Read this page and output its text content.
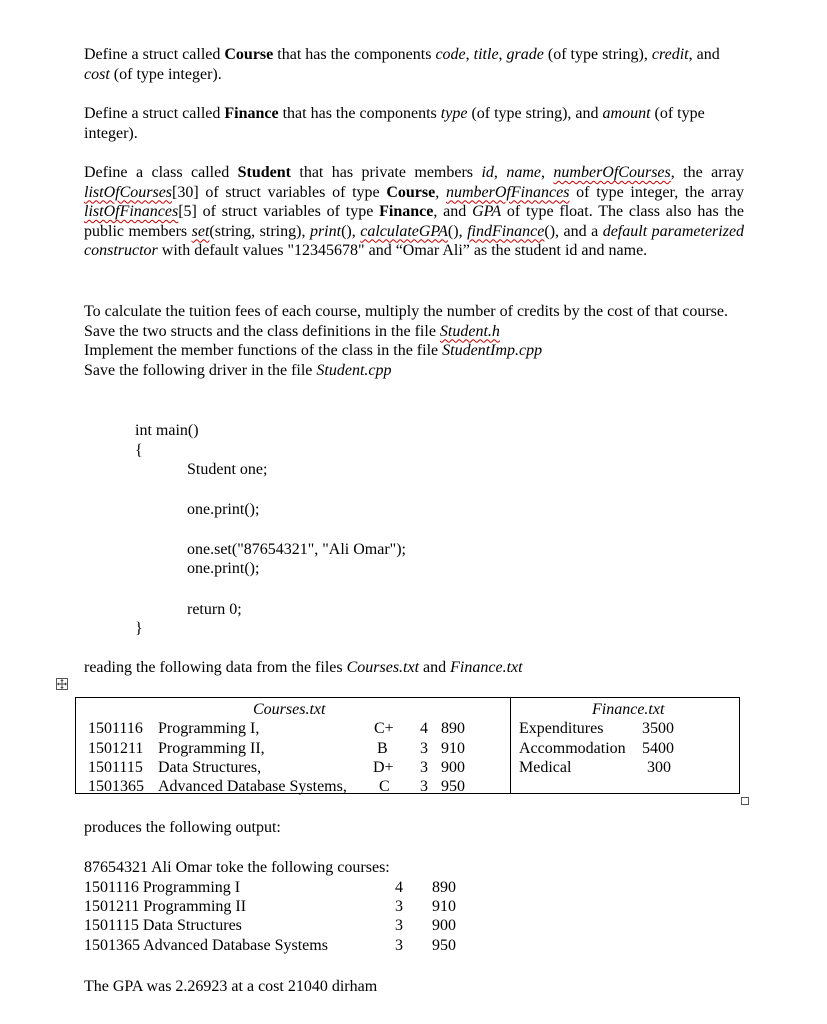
Define a struct called Course that has the components code, title, grade (of type string), credit, and cost (of type integer).
Define a struct called Finance that has the components type (of type string), and amount (of type integer).
Define a class called Student that has private members id, name, numberOfCourses, the array listOfCourses[30] of struct variables of type Course, numberOfFinances of type integer, the array listOfFinances[5] of struct variables of type Finance, and GPA of type float. The class also has the public members set(string, string), print(), calculateGPA(), findFinance(), and a default parameterized constructor with default values "12345678" and “Omar Ali” as the student id and name.
To calculate the tuition fees of each course, multiply the number of credits by the cost of that course.
Save the two structs and the class definitions in the file Student.h
Implement the member functions of the class in the file StudentImp.cpp
Save the following driver in the file Student.cpp
int main()
{
Student one;
one.print();
one.set("87654321", "Ali Omar");
one.print();
return 0;
}
reading the following data from the files Courses.txt and Finance.txt
Courses.txt
1501116 Programming I,	C+ 4 890
1501211 Programming II,	B 3 910
1501115 Data Structures,	D+ 3 900
1501365 Advanced Database Systems, C 3 950
Finance.txt
Expenditures 3500
Accommodation 5400
Medical	300
produces the following output:
87654321 Ali Omar toke the following courses:
1501116 Programming I	4 890
1501211 Programming II	3 910
1501115 Data Structures	3 900
1501365 Advanced Database Systems	3 950
The GPA was 2.26923 at a cost 21040 dirham
